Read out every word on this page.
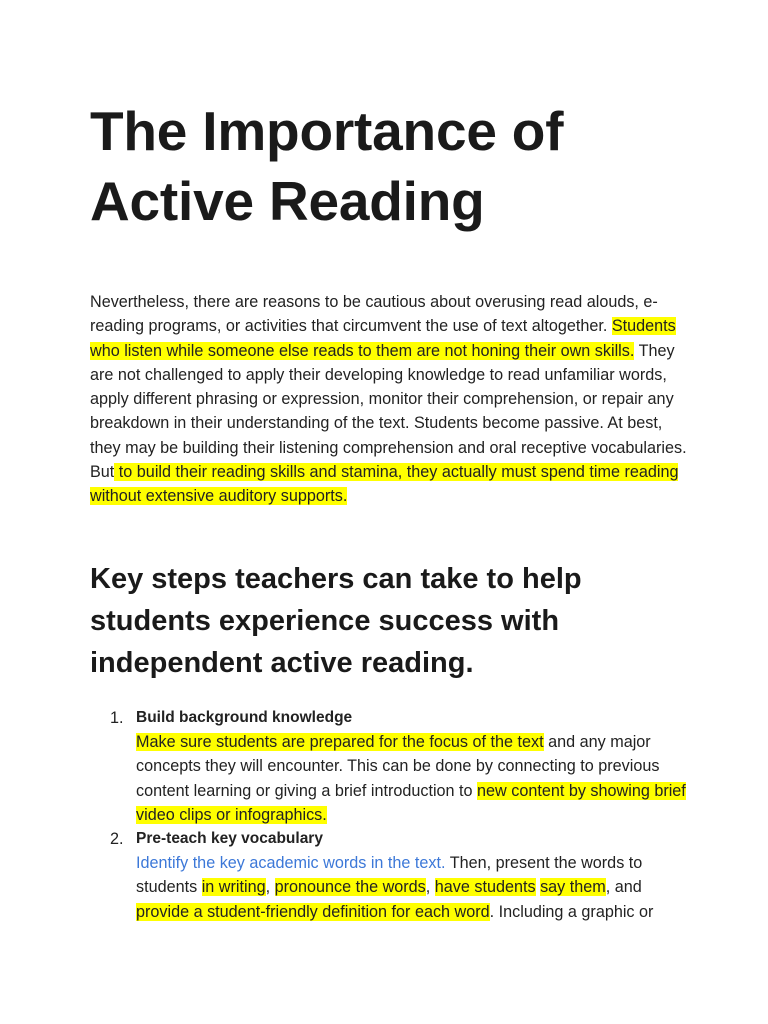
The Importance of Active Reading

Nevertheless, there are reasons to be cautious about overusing read alouds, e-reading programs, or activities that circumvent the use of text altogether. Students who listen while someone else reads to them are not honing their own skills. They are not challenged to apply their developing knowledge to read unfamiliar words, apply different phrasing or expression, monitor their comprehension, or repair any breakdown in their understanding of the text. Students become passive. At best, they may be building their listening comprehension and oral receptive vocabularies. But to build their reading skills and stamina, they actually must spend time reading without extensive auditory supports.

Key steps teachers can take to help students experience success with independent active reading.
1. Build background knowledge
Make sure students are prepared for the focus of the text and any major concepts they will encounter. This can be done by connecting to previous content learning or giving a brief introduction to new content by showing brief video clips or infographics.
2. Pre-teach key vocabulary
Identify the key academic words in the text. Then, present the words to students in writing, pronounce the words, have students say them, and provide a student-friendly definition for each word. Including a graphic or
